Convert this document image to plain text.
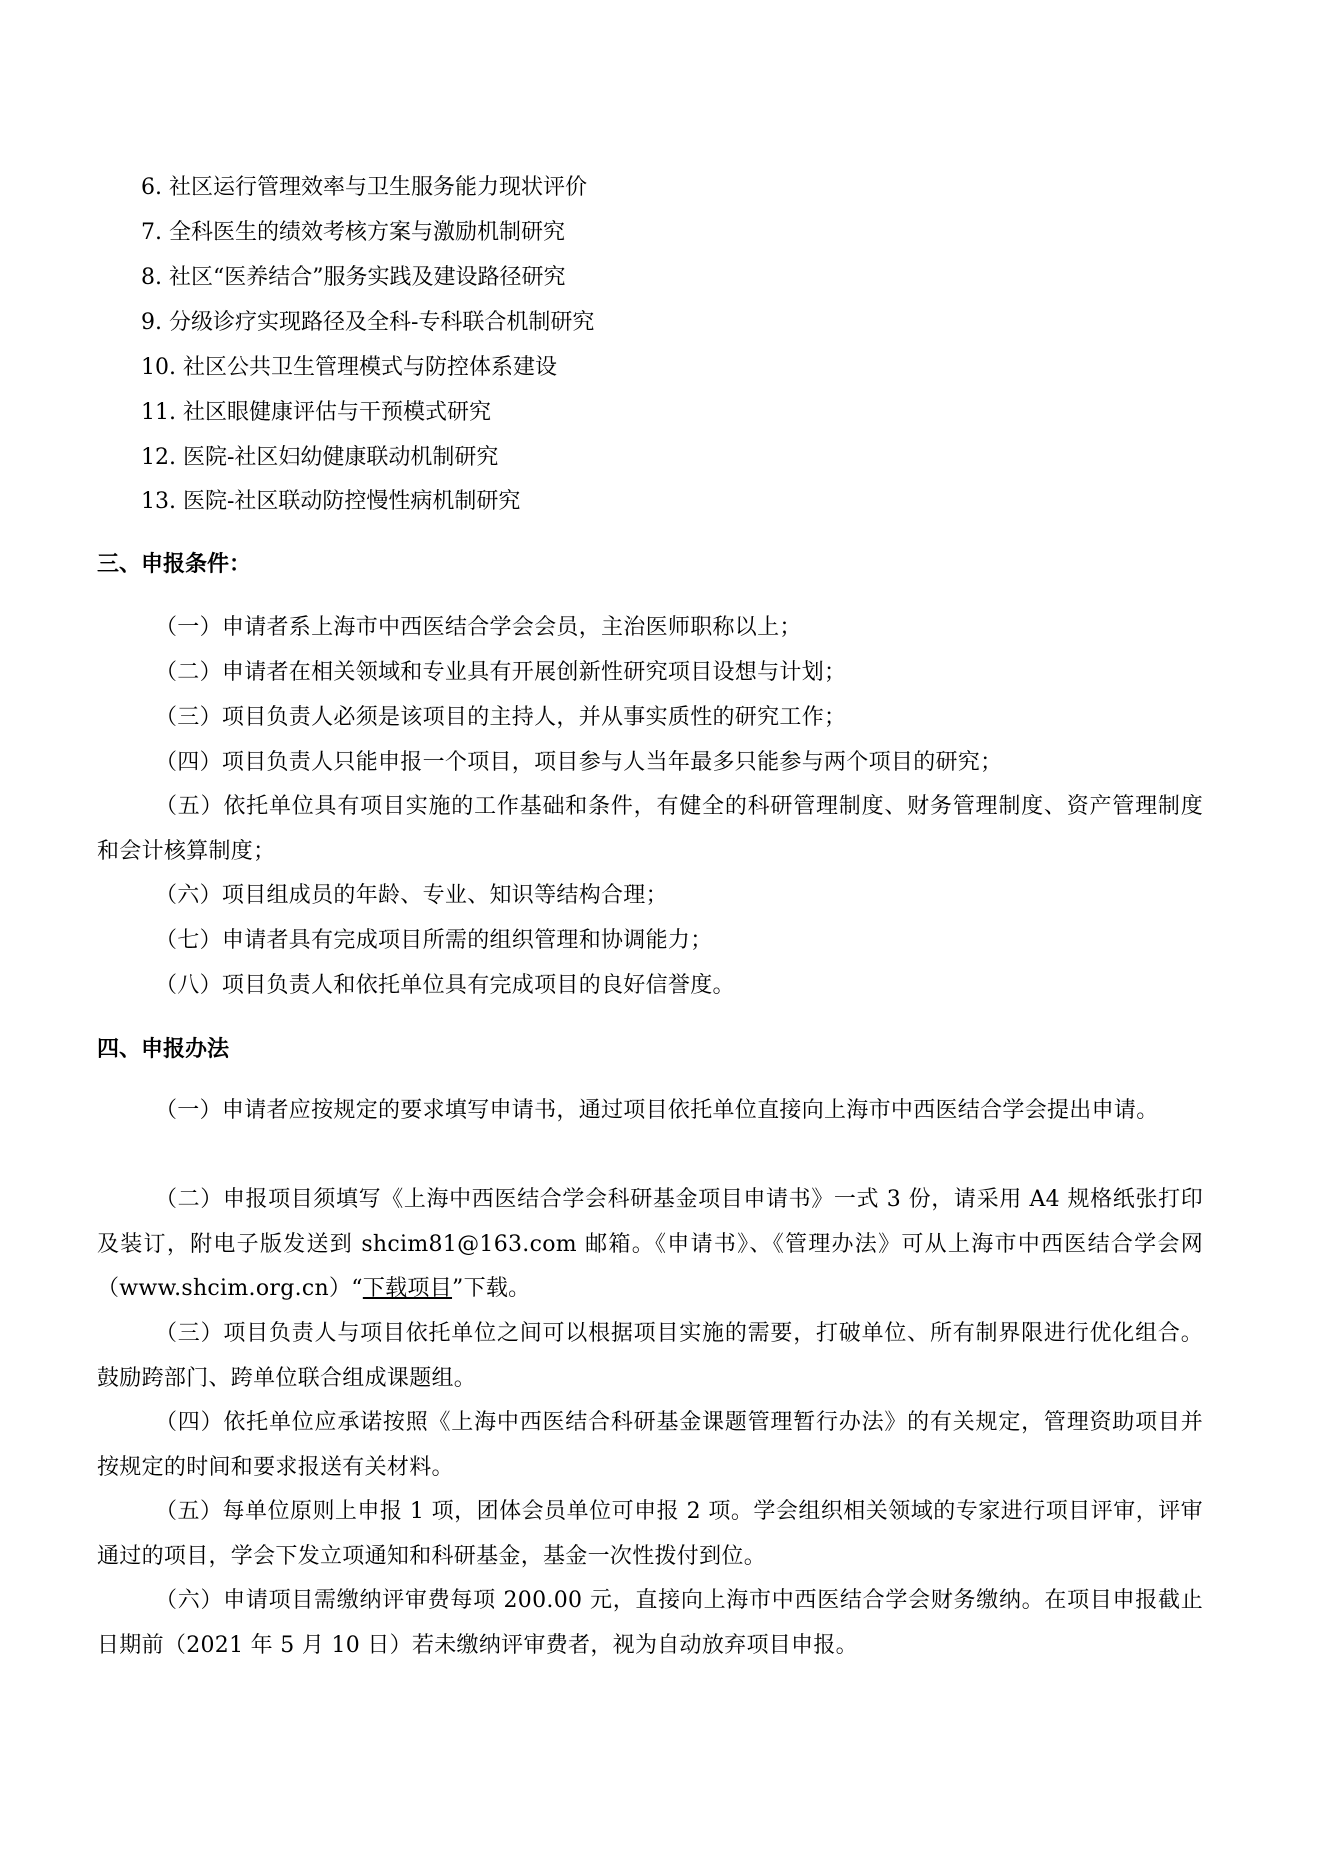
6. 社区运行管理效率与卫生服务能力现状评价
7. 全科医生的绩效考核方案与激励机制研究
8. 社区“医养结合”服务实践及建设路径研究
9. 分级诊疗实现路径及全科-专科联合机制研究
10. 社区公共卫生管理模式与防控体系建设
11. 社区眼健康评估与干预模式研究
12. 医院-社区妇幼健康联动机制研究
13. 医院-社区联动防控慢性病机制研究
三、申报条件：
（一）申请者系上海市中西医结合学会会员，主治医师职称以上；
（二）申请者在相关领域和专业具有开展创新性研究项目设想与计划；
（三）项目负责人必须是该项目的主持人，并从事实质性的研究工作；
（四）项目负责人只能申报一个项目，项目参与人当年最多只能参与两个项目的研究；
（五）依托单位具有项目实施的工作基础和条件，有健全的科研管理制度、财务管理制度、资产管理制度和会计核算制度；
（六）项目组成员的年龄、专业、知识等结构合理；
（七）申请者具有完成项目所需的组织管理和协调能力；
（八）项目负责人和依托单位具有完成项目的良好信誉度。
四、申报办法
（一）申请者应按规定的要求填写申请书，通过项目依托单位直接向上海市中西医结合学会提出申请。
（二）申报项目须填写《上海中西医结合学会科研基金项目申请书》一式 3 份，请采用 A4 规格纸张打印及装订，附电子版发送到 shcim81@163.com 邮箱。《申请书》、《管理办法》可从上海市中西医结合学会网（www.shcim.org.cn）“下载项目”下载。
（三）项目负责人与项目依托单位之间可以根据项目实施的需要，打破单位、所有制界限进行优化组合。鼓励跨部门、跨单位联合组成课题组。
（四）依托单位应承诺按照《上海中西医结合科研基金课题管理暂行办法》的有关规定，管理资助项目并按规定的时间和要求报送有关材料。
（五）每单位原则上申报 1 项，团体会员单位可申报 2 项。学会组织相关领域的专家进行项目评审，评审通过的项目，学会下发立项通知和科研基金，基金一次性拨付到位。
（六）申请项目需缴纳评审费每项 200.00 元，直接向上海市中西医结合学会财务缴纳。在项目申报截止日期前（2021 年 5 月 10 日）若未缴纳评审费者，视为自动放弃项目申报。
